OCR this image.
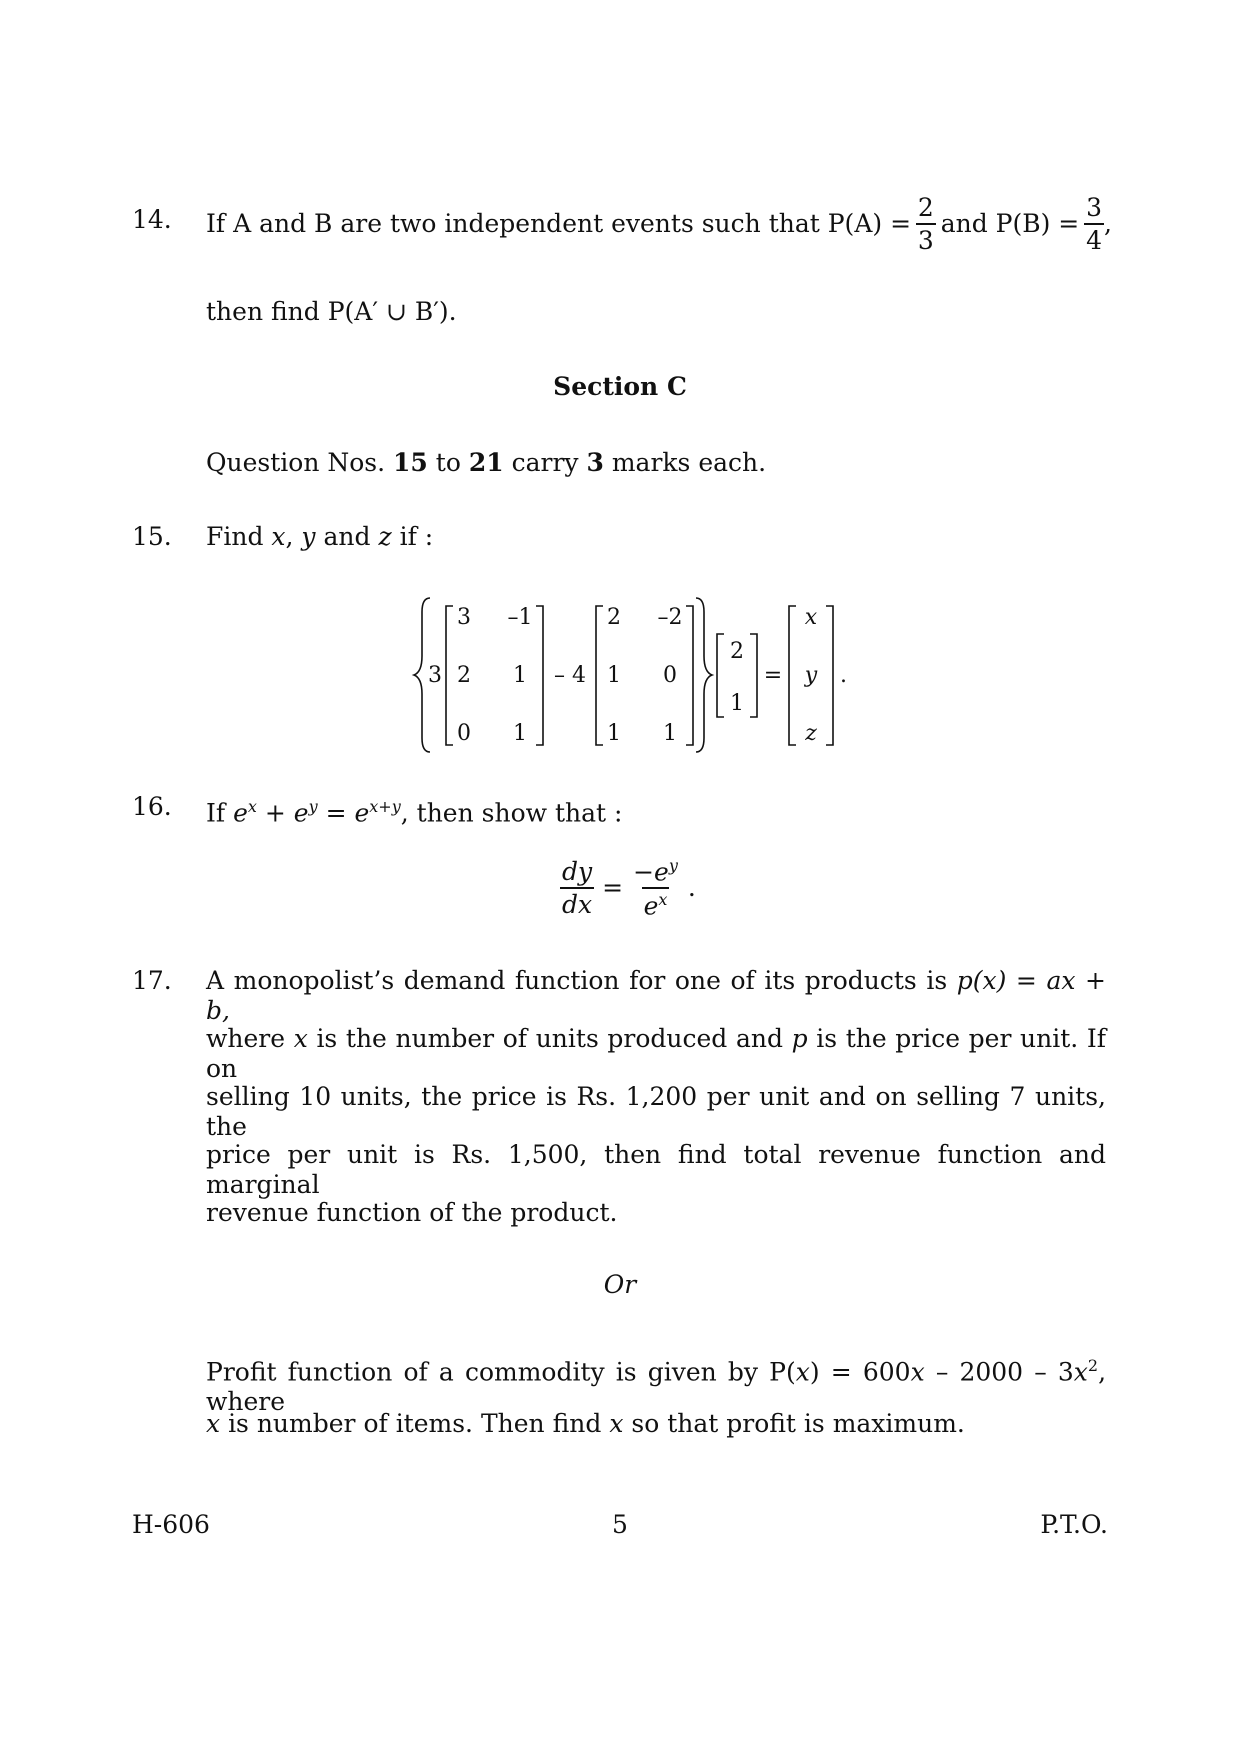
14. If A and B are two independent events such that $P(A) = \frac{2}{3}$ and $P(B) = \frac{3}{4}$ ,
then find P(A′ ∪ B′).
Section C
Question Nos. 15 to 21 carry 3 marks each.
15. Find x, y and z if :
3
3 –1
2 1
0 1
– 4
2 –2
1 0
1 1
2
1
=
x
y
z
.
16. If $e^x + e^y = e^{x+y}$, then show that :
$\frac{dy}{dx} = \frac{-e^y}{e^x}$ .
17. A monopolist’s demand function for one of its products is p(x) = ax + b,
where x is the number of units produced and p is the price per unit. If on
selling 10 units, the price is Rs. 1,200 per unit and on selling 7 units, the
price per unit is Rs. 1,500, then find total revenue function and marginal
revenue function of the product.
Or
Profit function of a commodity is given by $P(x) = 600x - 2000 - 3x^2$, where
x is number of items. Then find x so that profit is maximum.
H-606	5	P.T.O.
